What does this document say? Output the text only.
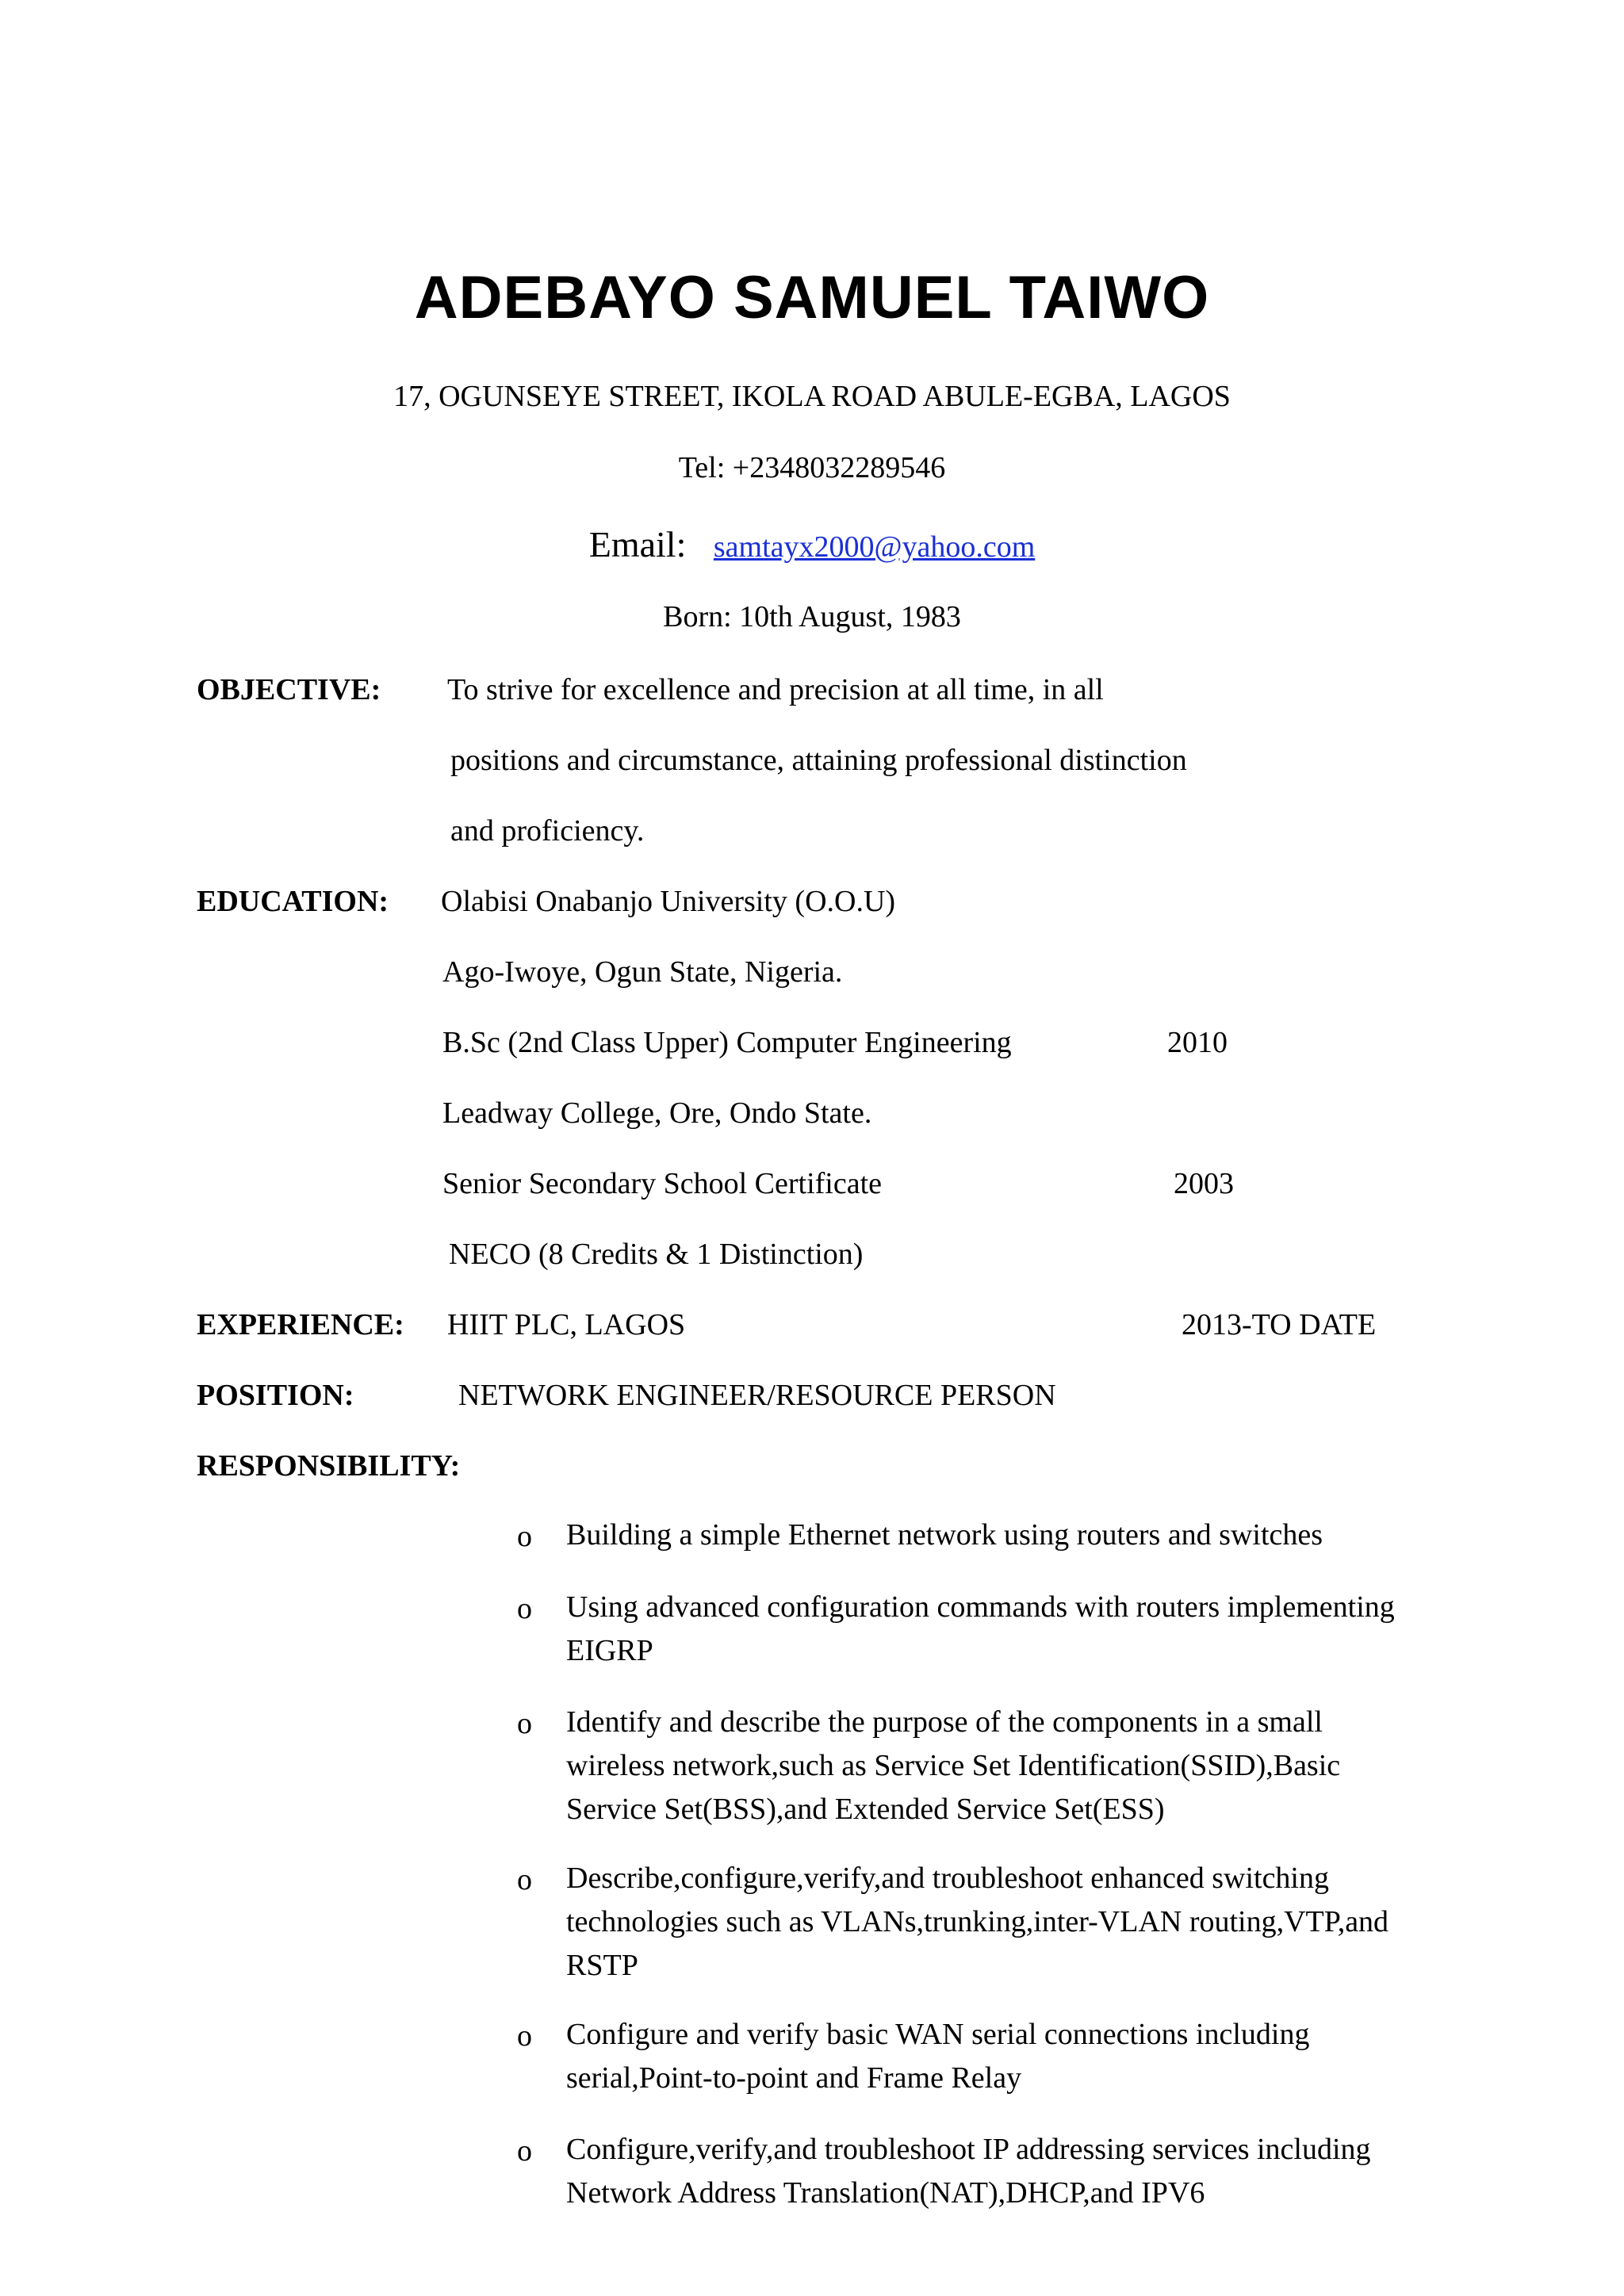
ADEBAYO SAMUEL TAIWO
17, OGUNSEYE STREET, IKOLA ROAD ABULE-EGBA, LAGOS
Tel: +2348032289546
Email: samtayx2000@yahoo.com
Born: 10th August, 1983
OBJECTIVE: To strive for excellence and precision at all time, in all
positions and circumstance, attaining professional distinction
and proficiency.
EDUCATION: Olabisi Onabanjo University (O.O.U)
Ago-Iwoye, Ogun State, Nigeria.
B.Sc (2nd Class Upper) Computer Engineering	2010
Leadway College, Ore, Ondo State.
Senior Secondary School Certificate	2003
NECO (8 Credits & 1 Distinction)
EXPERIENCE: HIIT PLC, LAGOS	2013-TO DATE
POSITION:	NETWORK ENGINEER/RESOURCE PERSON
RESPONSIBILITY:
o Building a simple Ethernet network using routers and switches
o Using advanced configuration commands with routers implementing EIGRP
o Identify and describe the purpose of the components in a small wireless network,such as Service Set Identification(SSID),Basic Service Set(BSS),and Extended Service Set(ESS)
o Describe,configure,verify,and troubleshoot enhanced switching technologies such as VLANs,trunking,inter-VLAN routing,VTP,and RSTP
o Configure and verify basic WAN serial connections including serial,Point-to-point and Frame Relay
o Configure,verify,and troubleshoot IP addressing services including Network Address Translation(NAT),DHCP,and IPV6
